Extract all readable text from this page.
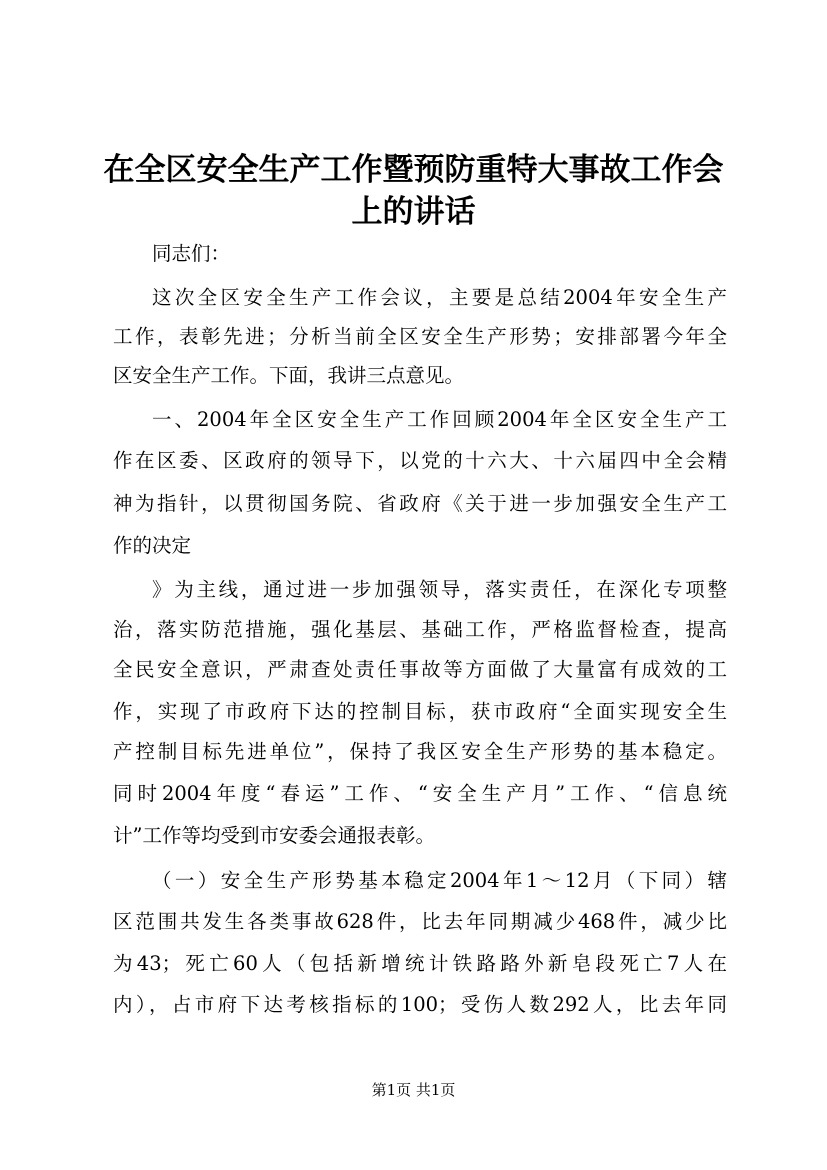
在全区安全生产工作暨预防重特大事故工作会
上的讲话
同志们：
这次全区安全生产工作会议，主要是总结2004年安全生产
工作，表彰先进；分析当前全区安全生产形势；安排部署今年全
区安全生产工作。下面，我讲三点意见。
一、2004年全区安全生产工作回顾2004年全区安全生产工
作在区委、区政府的领导下，以党的十六大、十六届四中全会精
神为指针，以贯彻国务院、省政府《关于进一步加强安全生产工
作的决定
》为主线，通过进一步加强领导，落实责任，在深化专项整
治，落实防范措施，强化基层、基础工作，严格监督检查，提高
全民安全意识，严肃查处责任事故等方面做了大量富有成效的工
作，实现了市政府下达的控制目标，获市政府“全面实现安全生
产控制目标先进单位”，保持了我区安全生产形势的基本稳定。
同时2004年度“春运”工作、“安全生产月”工作、“信息统
计”工作等均受到市安委会通报表彰。
（一）安全生产形势基本稳定2004年1～12月（下同）辖
区范围共发生各类事故628件，比去年同期减少468件，减少比
为43；死亡60人（包括新增统计铁路路外新皂段死亡7人在
内），占市府下达考核指标的100；受伤人数292人，比去年同
第1页 共1页
